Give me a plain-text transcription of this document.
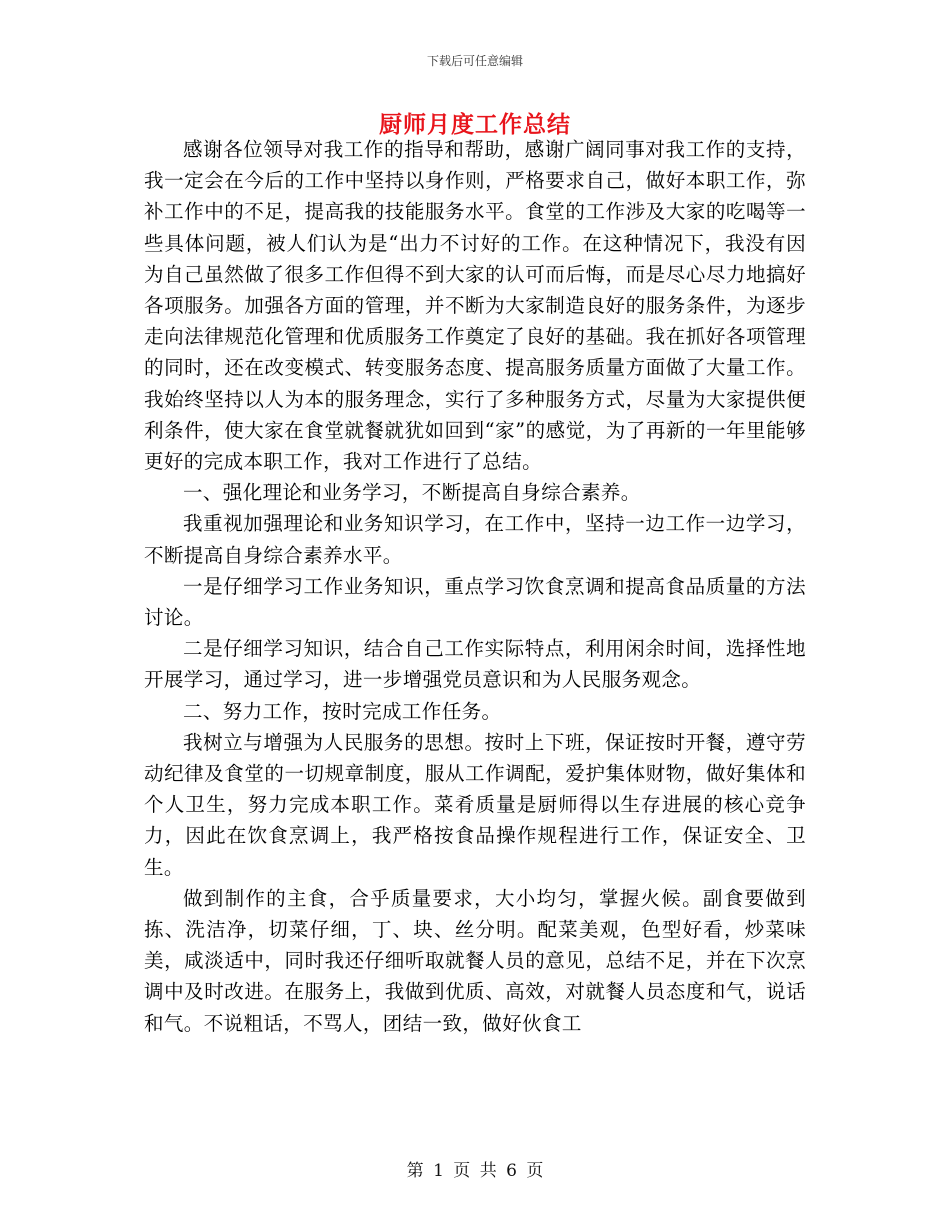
下载后可任意编辑
厨师月度工作总结

感谢各位领导对我工作的指导和帮助，感谢广阔同事对我工作的支持，我一定会在今后的工作中坚持以身作则，严格要求自己，做好本职工作，弥补工作中的不足，提高我的技能服务水平。食堂的工作涉及大家的吃喝等一些具体问题，被人们认为是“出力不讨好的工作。在这种情况下，我没有因为自己虽然做了很多工作但得不到大家的认可而后悔，而是尽心尽力地搞好各项服务。加强各方面的管理，并不断为大家制造良好的服务条件，为逐步走向法律规范化管理和优质服务工作奠定了良好的基础。我在抓好各项管理的同时，还在改变模式、转变服务态度、提高服务质量方面做了大量工作。我始终坚持以人为本的服务理念，实行了多种服务方式，尽量为大家提供便利条件，使大家在食堂就餐就犹如回到“家”的感觉，为了再新的一年里能够更好的完成本职工作，我对工作进行了总结。

一、强化理论和业务学习，不断提高自身综合素养。

我重视加强理论和业务知识学习，在工作中，坚持一边工作一边学习，不断提高自身综合素养水平。

一是仔细学习工作业务知识，重点学习饮食烹调和提高食品质量的方法讨论。

二是仔细学习知识，结合自己工作实际特点，利用闲余时间，选择性地开展学习，通过学习，进一步增强党员意识和为人民服务观念。

二、努力工作，按时完成工作任务。

我树立与增强为人民服务的思想。按时上下班，保证按时开餐，遵守劳动纪律及食堂的一切规章制度，服从工作调配，爱护集体财物，做好集体和个人卫生，努力完成本职工作。菜肴质量是厨师得以生存进展的核心竞争力，因此在饮食烹调上，我严格按食品操作规程进行工作，保证安全、卫生。

做到制作的主食，合乎质量要求，大小均匀，掌握火候。副食要做到拣、洗洁净，切菜仔细，丁、块、丝分明。配菜美观，色型好看，炒菜味美，咸淡适中，同时我还仔细听取就餐人员的意见，总结不足，并在下次烹调中及时改进。在服务上，我做到优质、高效，对就餐人员态度和气，说话和气。不说粗话，不骂人，团结一致，做好伙食工

第 1 页 共 6 页
